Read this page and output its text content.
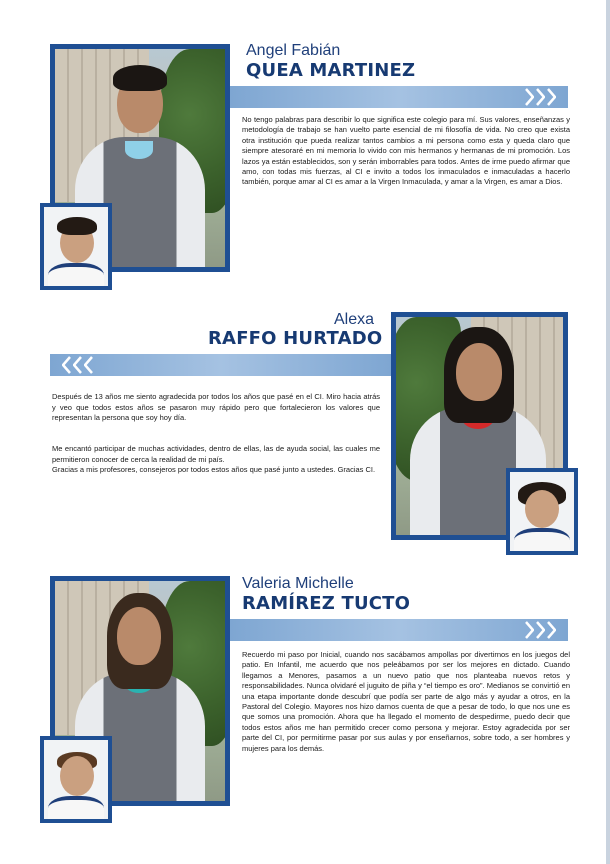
Angel Fabián
QUEA MARTINEZ

No tengo palabras para describir lo que significa este colegio para mí. Sus valores, enseñanzas y metodología de trabajo se han vuelto parte esencial de mi filosofía de vida. No creo que exista otra institución que pueda realizar tantos cambios a mi persona como esta y queda claro que siempre atesoraré en mi memoria lo vivido con mis hermanos y hermanas de mi promoción. Los lazos ya están establecidos, son y serán imborrables para todos. Antes de irme puedo afirmar que amo, con todas mis fuerzas, al CI e invito a todos los inmaculados e inmaculadas a hacerlo también, porque amar al CI es amar a la Virgen Inmaculada, y amar a la Virgen, es amar a Dios.

Alexa
RAFFO HURTADO

Después de 13 años me siento agradecida por todos los años que pasé en el CI. Miro hacia atrás y veo que todos estos años se pasaron muy rápido pero que fortalecieron los valores que representan la persona que soy hoy día.

Me encantó participar de muchas actividades, dentro de ellas, las de ayuda social, las cuales me permitieron conocer de cerca la realidad de mi país.
Gracias a mis profesores, consejeros por todos estos años que pasé junto a ustedes. Gracias CI.

Valeria Michelle
RAMÍREZ TUCTO

Recuerdo mi paso por Inicial, cuando nos sacábamos ampollas por divertirnos en los juegos del patio. En Infantil, me acuerdo que nos peleábamos por ser los mejores en dictado. Cuando llegamos a Menores, pasamos a un nuevo patio que nos planteaba nuevos retos y responsabilidades. Nunca olvidaré el juguito de piña y “el tiempo es oro”. Medianos se convirtió en una etapa importante donde descubrí que podía ser parte de algo más y ayudar a otros, en la Pastoral del Colegio. Mayores nos hizo darnos cuenta de que a pesar de todo, lo que nos une es que somos una promoción. Ahora que ha llegado el momento de despedirme, puedo decir que todos estos años me han permitido crecer como persona y mejorar. Estoy agradecida por ser parte del CI, por permitirme pasar por sus aulas y por enseñarnos, sobre todo, a ser hombres y mujeres para los demás.
